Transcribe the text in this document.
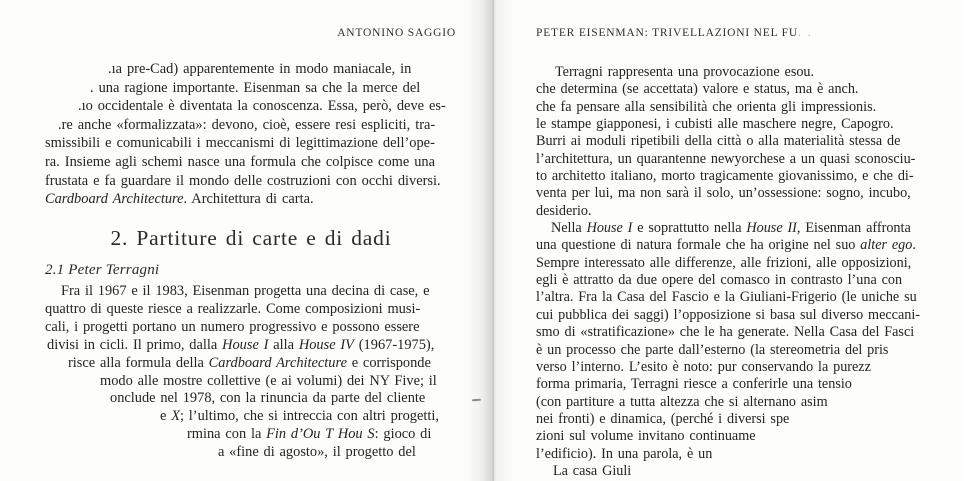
ANTONINO SAGGIO
.ıa pre-Cad) apparentemente in modo maniacale, in
. una ragione importante. Eisenman sa che la merce del
.ıo occidentale è diventata la conoscenza. Essa, però, deve es-
.re anche «formalizzata»: devono, cioè, essere resi espliciti, tra-
smissibili e comunicabili i meccanismi di legittimazione dell’ope-
ra. Insieme agli schemi nasce una formula che colpisce come una
frustata e fa guardare il mondo delle costruzioni con occhi diversi.
Cardboard Architecture. Architettura di carta.
2. Partiture di carte e di dadi
2.1 Peter Terragni
Fra il 1967 e il 1983, Eisenman progetta una decina di case, e
quattro di queste riesce a realizzarle. Come composizioni musi-
cali, i progetti portano un numero progressivo e possono essere
divisi in cicli. Il primo, dalla House I alla House IV (1967-1975),
risce alla formula della Cardboard Architecture e corrisponde
modo alle mostre collettive (e ai volumi) dei NY Five; il
onclude nel 1978, con la rinuncia da parte del cliente
e X; l’ultimo, che si intreccia con altri progetti,
rmina con la Fin d’Ou T Hou S: gioco di
a «fine di agosto», il progetto del
PETER EISENMAN: TRIVELLAZIONI NEL FU. .
Terragni rappresenta una provocazione esou.
che determina (se accettata) valore e status, ma è anch.
che fa pensare alla sensibilità che orienta gli impressionis.
le stampe giapponesi, i cubisti alle maschere negre, Capogro.
Burri ai moduli ripetibili della città o alla materialità stessa de
l’architettura, un quarantenne newyorchese a un quasi sconosciu-
to architetto italiano, morto tragicamente giovanissimo, e che di-
venta per lui, ma non sarà il solo, un’ossessione: sogno, incubo,
desiderio.
Nella House I e soprattutto nella House II, Eisenman affronta
una questione di natura formale che ha origine nel suo alter ego.
Sempre interessato alle differenze, alle frizioni, alle opposizioni,
egli è attratto da due opere del comasco in contrasto l’una con
l’altra. Fra la Casa del Fascio e la Giuliani-Frigerio (le uniche su
cui pubblica dei saggi) l’opposizione si basa sul diverso meccani-
smo di «stratificazione» che le ha generate. Nella Casa del Fasci
è un processo che parte dall’esterno (la stereometria del pris
verso l’interno. L’esito è noto: pur conservando la purezz
forma primaria, Terragni riesce a conferirle una tensio
(con partiture a tutta altezza che si alternano asim
nei fronti) e dinamica, (perché i diversi spe
zioni sul volume invitano continuame
l’edificio). In una parola, è un
La casa Giuli
